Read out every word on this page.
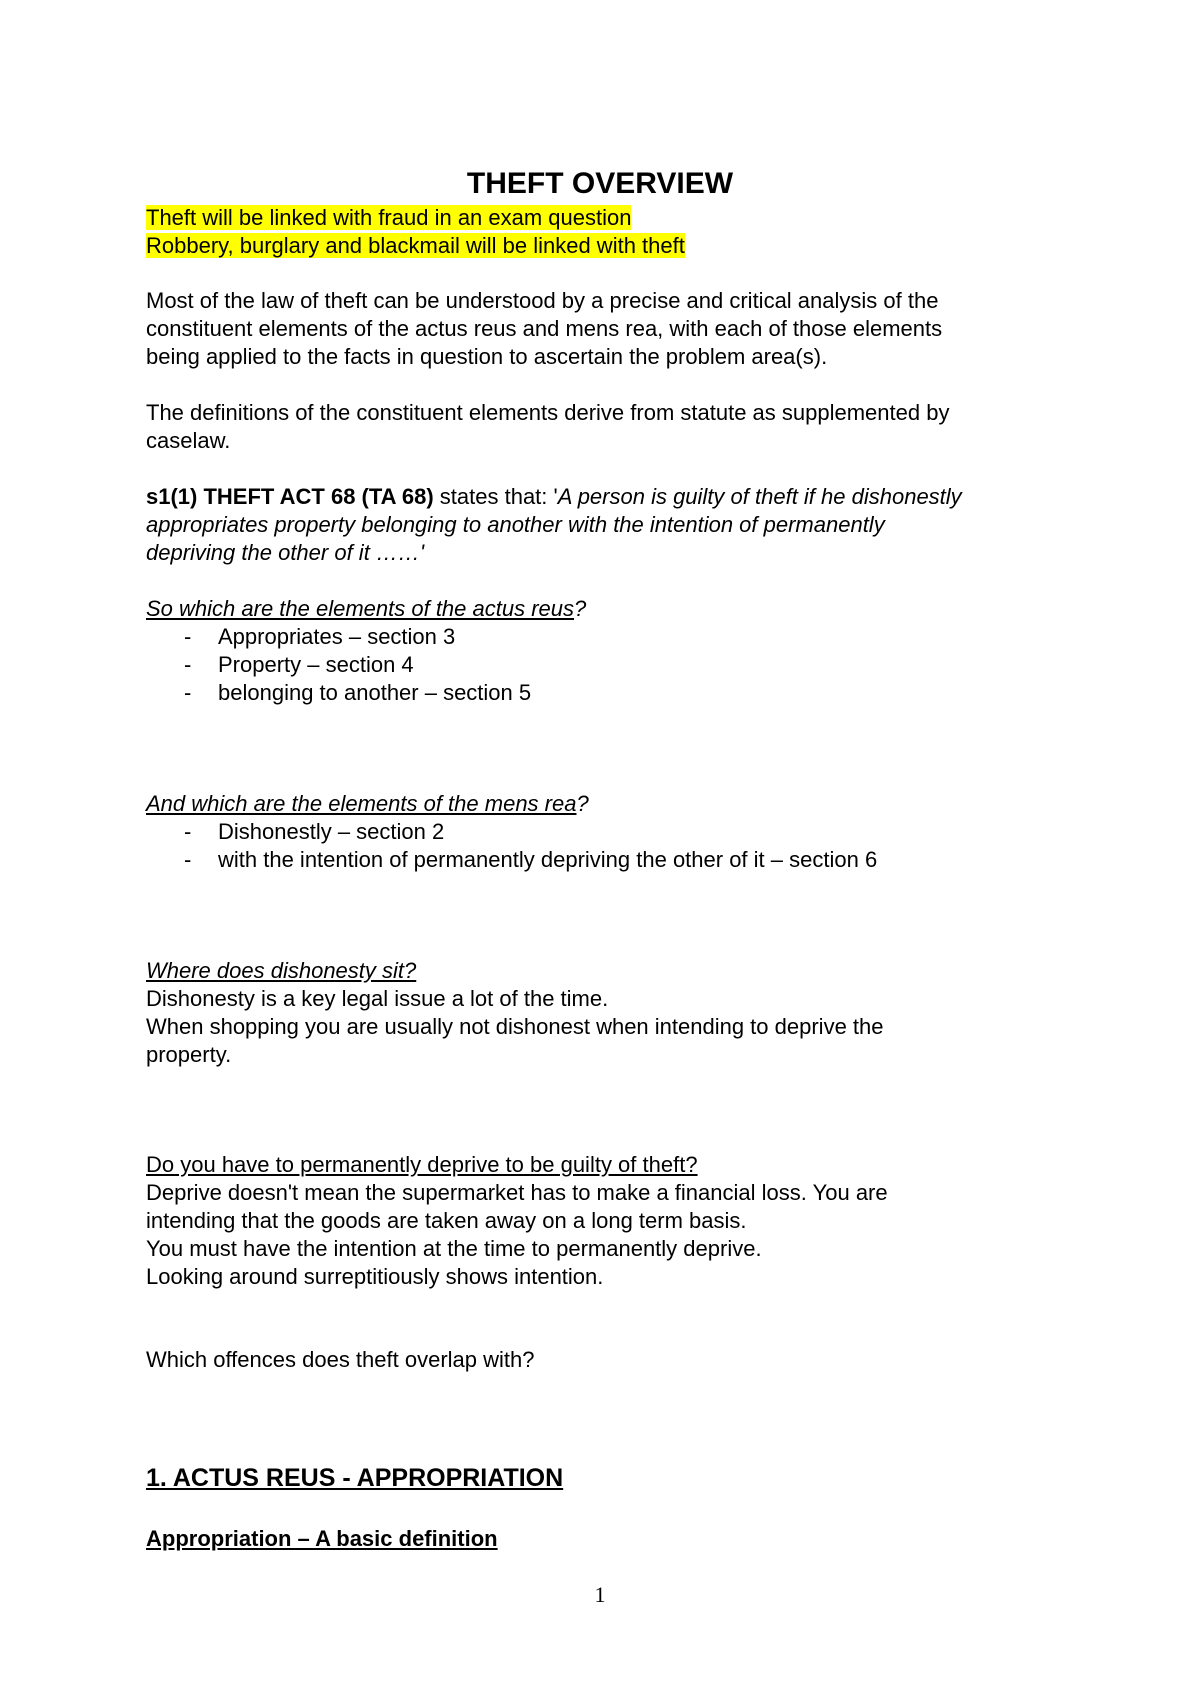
THEFT OVERVIEW
Theft will be linked with fraud in an exam question
Robbery, burglary and blackmail will be linked with theft
Most of the law of theft can be understood by a precise and critical analysis of the
constituent elements of the actus reus and mens rea, with each of those elements
being applied to the facts in question to ascertain the problem area(s).
The definitions of the constituent elements derive from statute as supplemented by
caselaw.
s1(1) THEFT ACT 68 (TA 68) states that: 'A person is guilty of theft if he dishonestly
appropriates property belonging to another with the intention of permanently
depriving the other of it ……'
So which are the elements of the actus reus?
- Appropriates – section 3
- Property – section 4
- belonging to another – section 5
And which are the elements of the mens rea?
- Dishonestly – section 2
- with the intention of permanently depriving the other of it – section 6
Where does dishonesty sit?
Dishonesty is a key legal issue a lot of the time.
When shopping you are usually not dishonest when intending to deprive the
property.
Do you have to permanently deprive to be guilty of theft?
Deprive doesn't mean the supermarket has to make a financial loss. You are
intending that the goods are taken away on a long term basis.
You must have the intention at the time to permanently deprive.
Looking around surreptitiously shows intention.
Which offences does theft overlap with?
1. ACTUS REUS - APPROPRIATION
Appropriation – A basic definition
1
